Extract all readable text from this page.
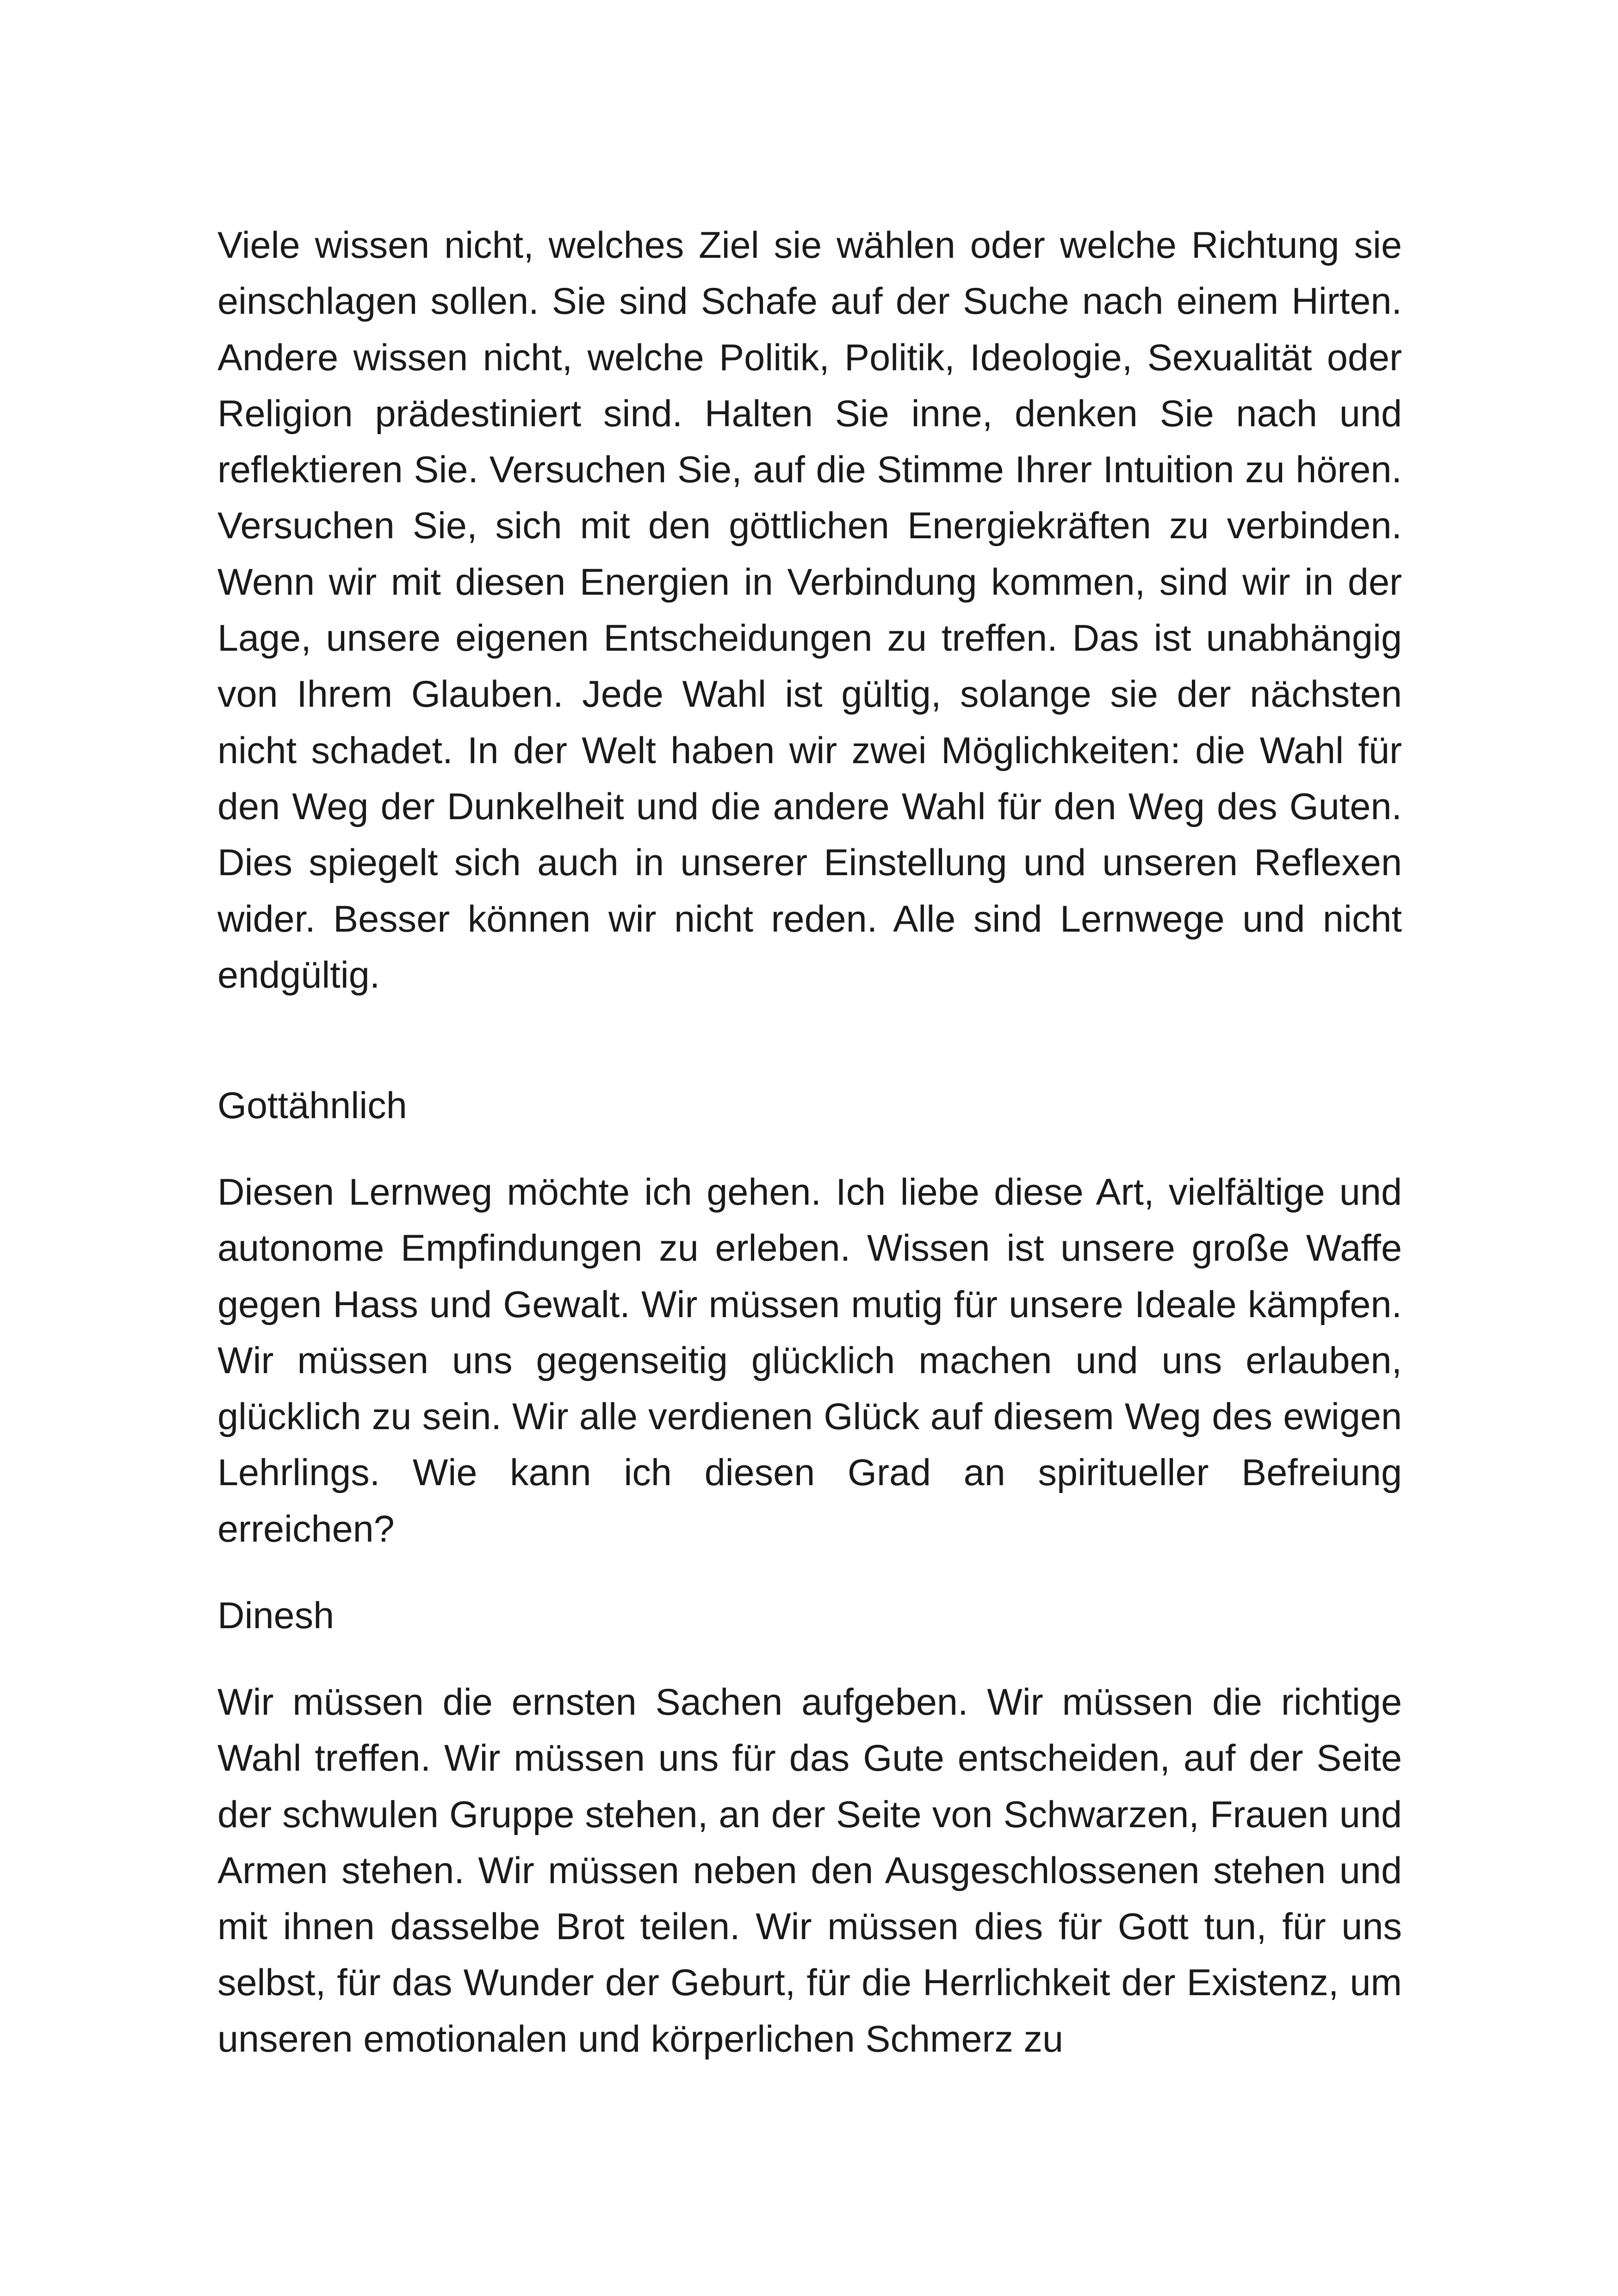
Viele wissen nicht, welches Ziel sie wählen oder welche Richtung sie einschlagen sollen. Sie sind Schafe auf der Suche nach einem Hirten. Andere wissen nicht, welche Politik, Politik, Ideologie, Sexualität oder Religion prädestiniert sind. Halten Sie inne, denken Sie nach und reflektieren Sie. Versuchen Sie, auf die Stimme Ihrer Intuition zu hören. Versuchen Sie, sich mit den göttlichen Energiekräften zu verbinden. Wenn wir mit diesen Energien in Verbindung kommen, sind wir in der Lage, unsere eigenen Entscheidungen zu treffen. Das ist unabhängig von Ihrem Glauben. Jede Wahl ist gültig, solange sie der nächsten nicht schadet. In der Welt haben wir zwei Möglichkeiten: die Wahl für den Weg der Dunkelheit und die andere Wahl für den Weg des Guten. Dies spiegelt sich auch in unserer Einstellung und unseren Reflexen wider. Besser können wir nicht reden. Alle sind Lernwege und nicht endgültig.

Gottähnlich

Diesen Lernweg möchte ich gehen. Ich liebe diese Art, vielfältige und autonome Empfindungen zu erleben. Wissen ist unsere große Waffe gegen Hass und Gewalt. Wir müssen mutig für unsere Ideale kämpfen. Wir müssen uns gegenseitig glücklich machen und uns erlauben, glücklich zu sein. Wir alle verdienen Glück auf diesem Weg des ewigen Lehrlings. Wie kann ich diesen Grad an spiritueller Befreiung erreichen?

Dinesh

Wir müssen die ernsten Sachen aufgeben. Wir müssen die richtige Wahl treffen. Wir müssen uns für das Gute entscheiden, auf der Seite der schwulen Gruppe stehen, an der Seite von Schwarzen, Frauen und Armen stehen. Wir müssen neben den Ausgeschlossenen stehen und mit ihnen dasselbe Brot teilen. Wir müssen dies für Gott tun, für uns selbst, für das Wunder der Geburt, für die Herrlichkeit der Existenz, um unseren emotionalen und körperlichen Schmerz zu
